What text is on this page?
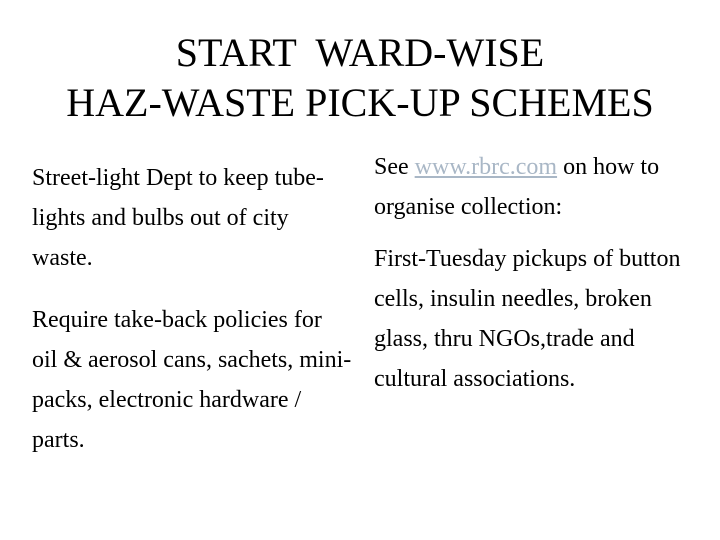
START  WARD-WISE
HAZ-WASTE PICK-UP SCHEMES

Street-light Dept to keep tube-lights and bulbs out of city waste.

Require take-back policies for oil & aerosol cans, sachets, mini-packs, electronic hardware / parts.

See www.rbrc.com on how to organise collection:

First-Tuesday pickups of button cells, insulin needles, broken glass, thru NGOs,trade and cultural associations.
